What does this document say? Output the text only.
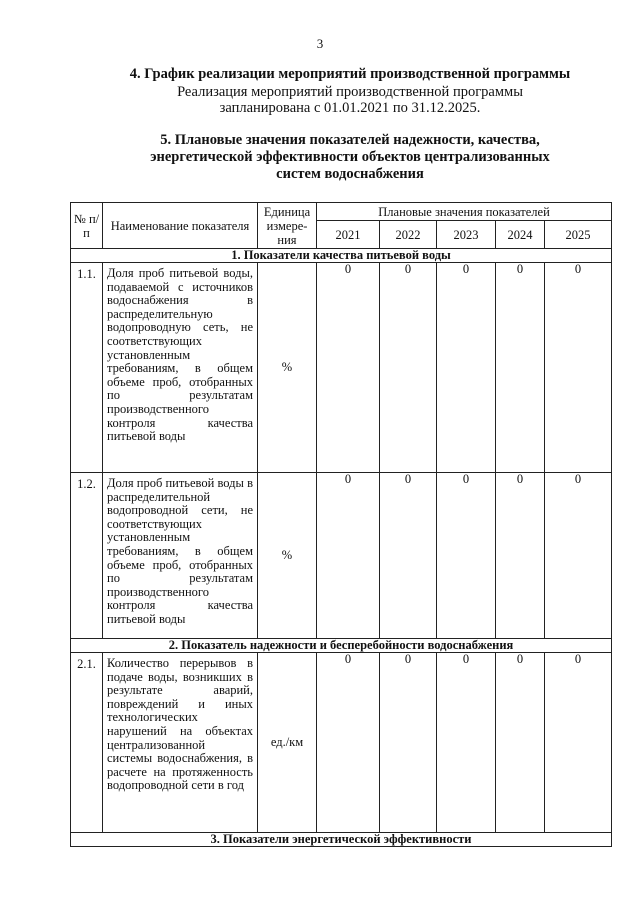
3
4. График реализации мероприятий производственной программы
Реализация мероприятий производственной программы
запланирована с 01.01.2021 по 31.12.2025.
5. Плановые значения показателей надежности, качества,
энергетической эффективности объектов централизованных
систем водоснабжения
№ п/п	Наименование показателя	Единица измере-ния	Плановые значения показателей				
			2021	2022	2023	2024	2025
1. Показатели качества питьевой воды							
1.1.	Доля проб питьевой воды, подаваемой с источников водоснабжения в распределительную водопроводную сеть, не соответствующих установленным требованиям, в общем объеме проб, отобранных по результатам производственного контроля качества питьевой воды	%	0	0	0	0	0
1.2.	Доля проб питьевой воды в распределительной водопроводной сети, не соответствующих установленным требованиям, в общем объеме проб, отобранных по результатам производственного контроля качества питьевой воды	%	0	0	0	0	0
2. Показатель надежности и бесперебойности водоснабжения							
2.1.	Количество перерывов в подаче воды, возникших в результате аварий, повреждений и иных технологических нарушений на объектах централизованной системы водоснабжения, в расчете на протяженность водопроводной сети в год	ед./км	0	0	0	0	0
3. Показатели энергетической эффективности							
